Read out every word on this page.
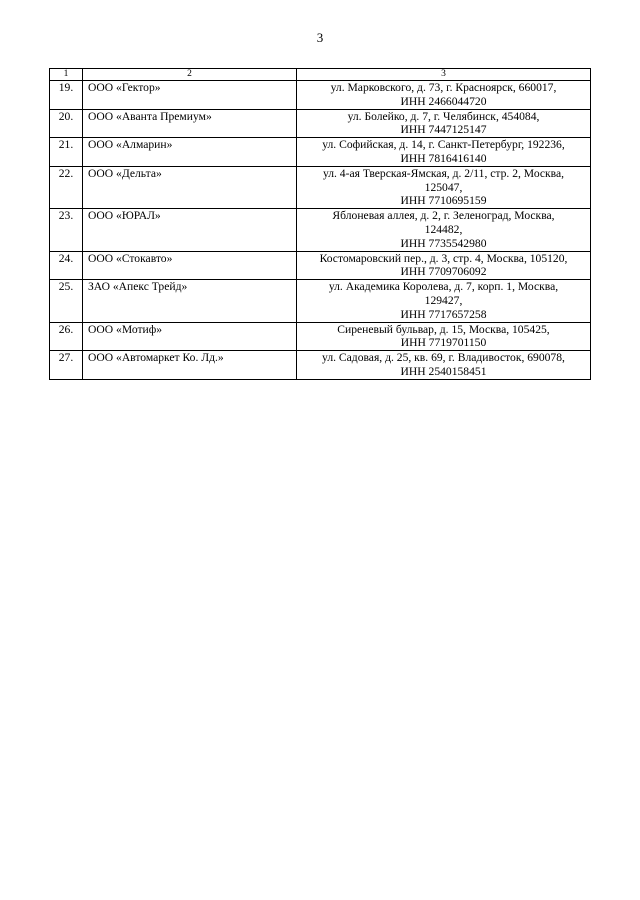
3
1	2	3
19.	ООО «Гектор»	ул. Марковского, д. 73, г. Красноярск, 660017,
ИНН 2466044720

20.	ООО «Аванта Премиум»	ул. Болейко, д. 7, г. Челябинск, 454084,
ИНН 7447125147

21.	ООО «Алмарин»	ул. Софийская, д. 14, г. Санкт-Петербург, 192236,
ИНН 7816416140

22.	ООО «Дельта»	ул. 4-ая Тверская-Ямская, д. 2/11, стр. 2, Москва,
125047,
ИНН 7710695159

23.	ООО «ЮРАЛ»	Яблоневая аллея, д. 2, г. Зеленоград, Москва,
124482,
ИНН 7735542980

24.	ООО «Стокавто»	Костомаровский пер., д. 3, стр. 4, Москва, 105120,
ИНН 7709706092

25.	ЗАО «Апекс Трейд»	ул. Академика Королева, д. 7, корп. 1, Москва,
129427,
ИНН 7717657258

26.	ООО «Мотиф»	Сиреневый бульвар, д. 15, Москва, 105425,
ИНН 7719701150

27.	ООО «Автомаркет Ко. Лд.»	ул. Садовая, д. 25, кв. 69, г. Владивосток, 690078,
ИНН 2540158451
